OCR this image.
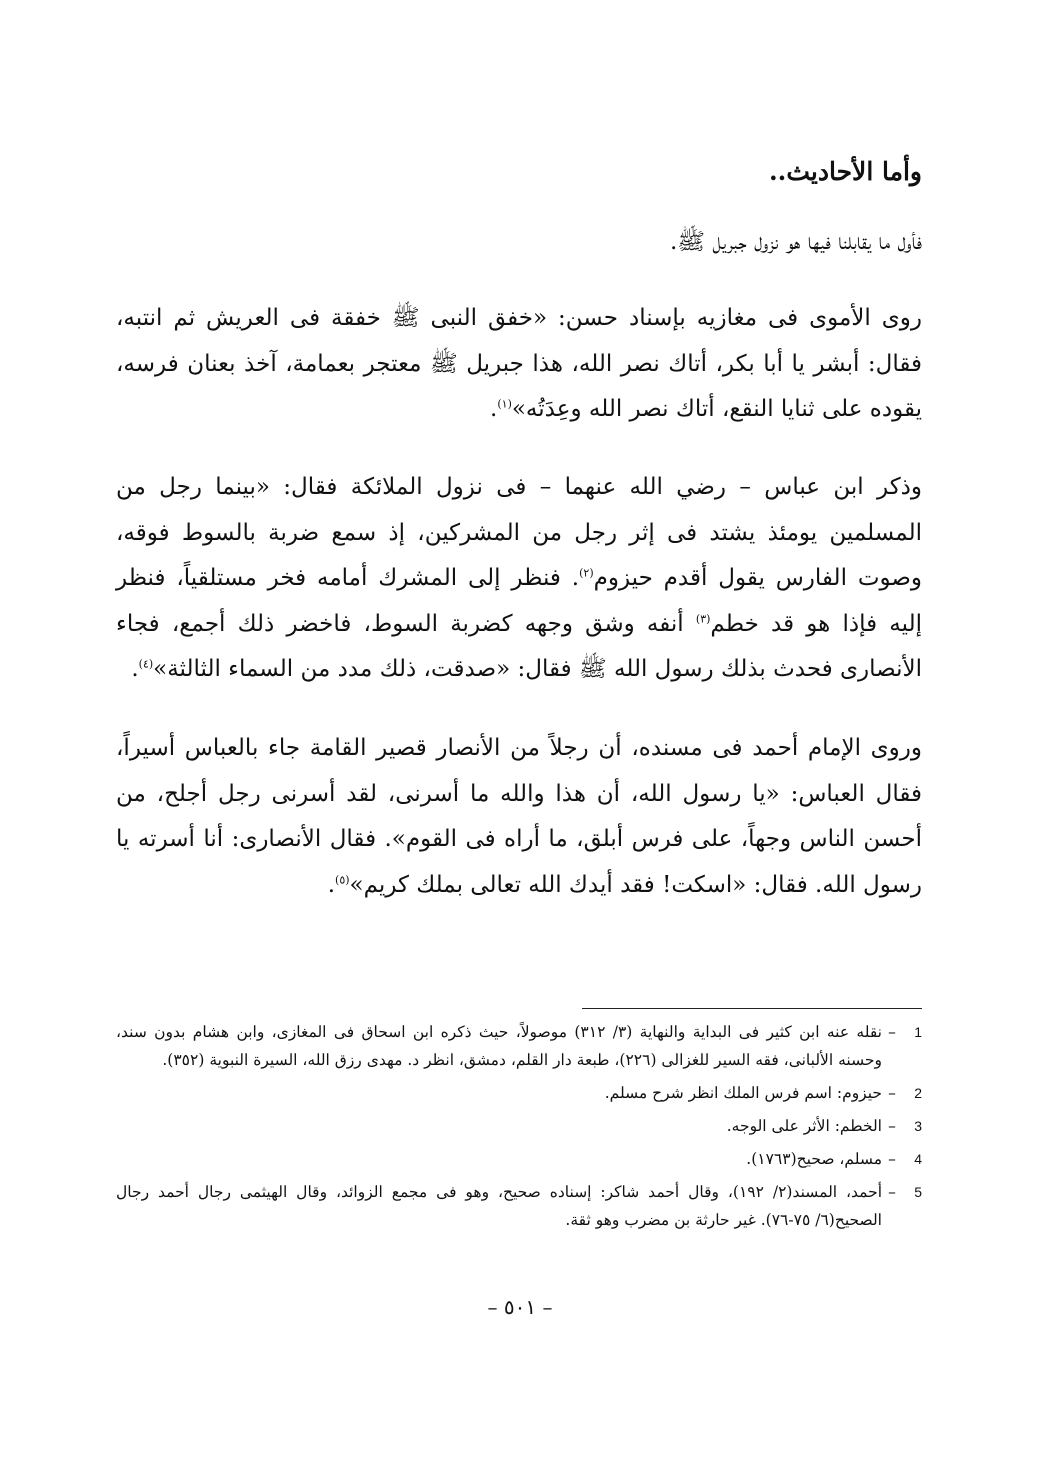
وأما الأحاديث..

فأول ما يقابلنا فيها هو نزول جبريل ﷺ.

روى الأموى فى مغازيه بإسناد حسن: «خفق النبى ﷺ خفقة فى العريش ثم انتبه، فقال: أبشر يا أبا بكر، أتاك نصر الله، هذا جبريل ﷺ معتجر بعمامة، آخذ بعنان فرسه، يقوده على ثنايا النقع، أتاك نصر الله وعِدَتُه»$^{(١)}$.

وذكر ابن عباس – رضي الله عنهما – فى نزول الملائكة فقال: «بينما رجل من المسلمين يومئذ يشتد فى إثر رجل من المشركين، إذ سمع ضربة بالسوط فوقه، وصوت الفارس يقول أقدم حيزوم$^{(٢)}$. فنظر إلى المشرك أمامه فخر مستلقياً، فنظر إليه فإذا هو قد خطم$^{(٣)}$ أنفه وشق وجهه كضربة السوط، فاخضر ذلك أجمع، فجاء الأنصارى فحدث بذلك رسول الله ﷺ فقال: «صدقت، ذلك مدد من السماء الثالثة»$^{(٤)}$.

وروى الإمام أحمد فى مسنده، أن رجلاً من الأنصار قصير القامة جاء بالعباس أسيراً، فقال العباس: «يا رسول الله، أن هذا والله ما أسرنى، لقد أسرنى رجل أجلح، من أحسن الناس وجهاً، على فرس أبلق، ما أراه فى القوم». فقال الأنصارى: أنا أسرته يا رسول الله. فقال: «اسكت! فقد أيدك الله تعالى بملك كريم»$^{(٥)}$.

1
–
نقله عنه ابن كثير فى البداية والنهاية (٣/ ٣١٢) موصولاً، حيث ذكره ابن اسحاق فى المغازى، وابن هشام بدون سند، وحسنه الألبانى، فقه السير للغزالى (٢٢٦)، طبعة دار القلم، دمشق، انظر د. مهدى رزق الله، السيرة النبوية (٣٥٢).
2
–
حيزوم: اسم فرس الملك انظر شرح مسلم.
3
–
الخطم: الأثر على الوجه.
4
–
مسلم، صحيح(١٧٦٣).
5
–
أحمد، المسند(٢/ ١٩٢)، وقال أحمد شاكر: إسناده صحيح، وهو فى مجمع الزوائد، وقال الهيثمى رجال أحمد رجال الصحيح(٦/ ٧٥-٧٦). غير حارثة بن مضرب وهو ثقة.
– ٥٠١ –
